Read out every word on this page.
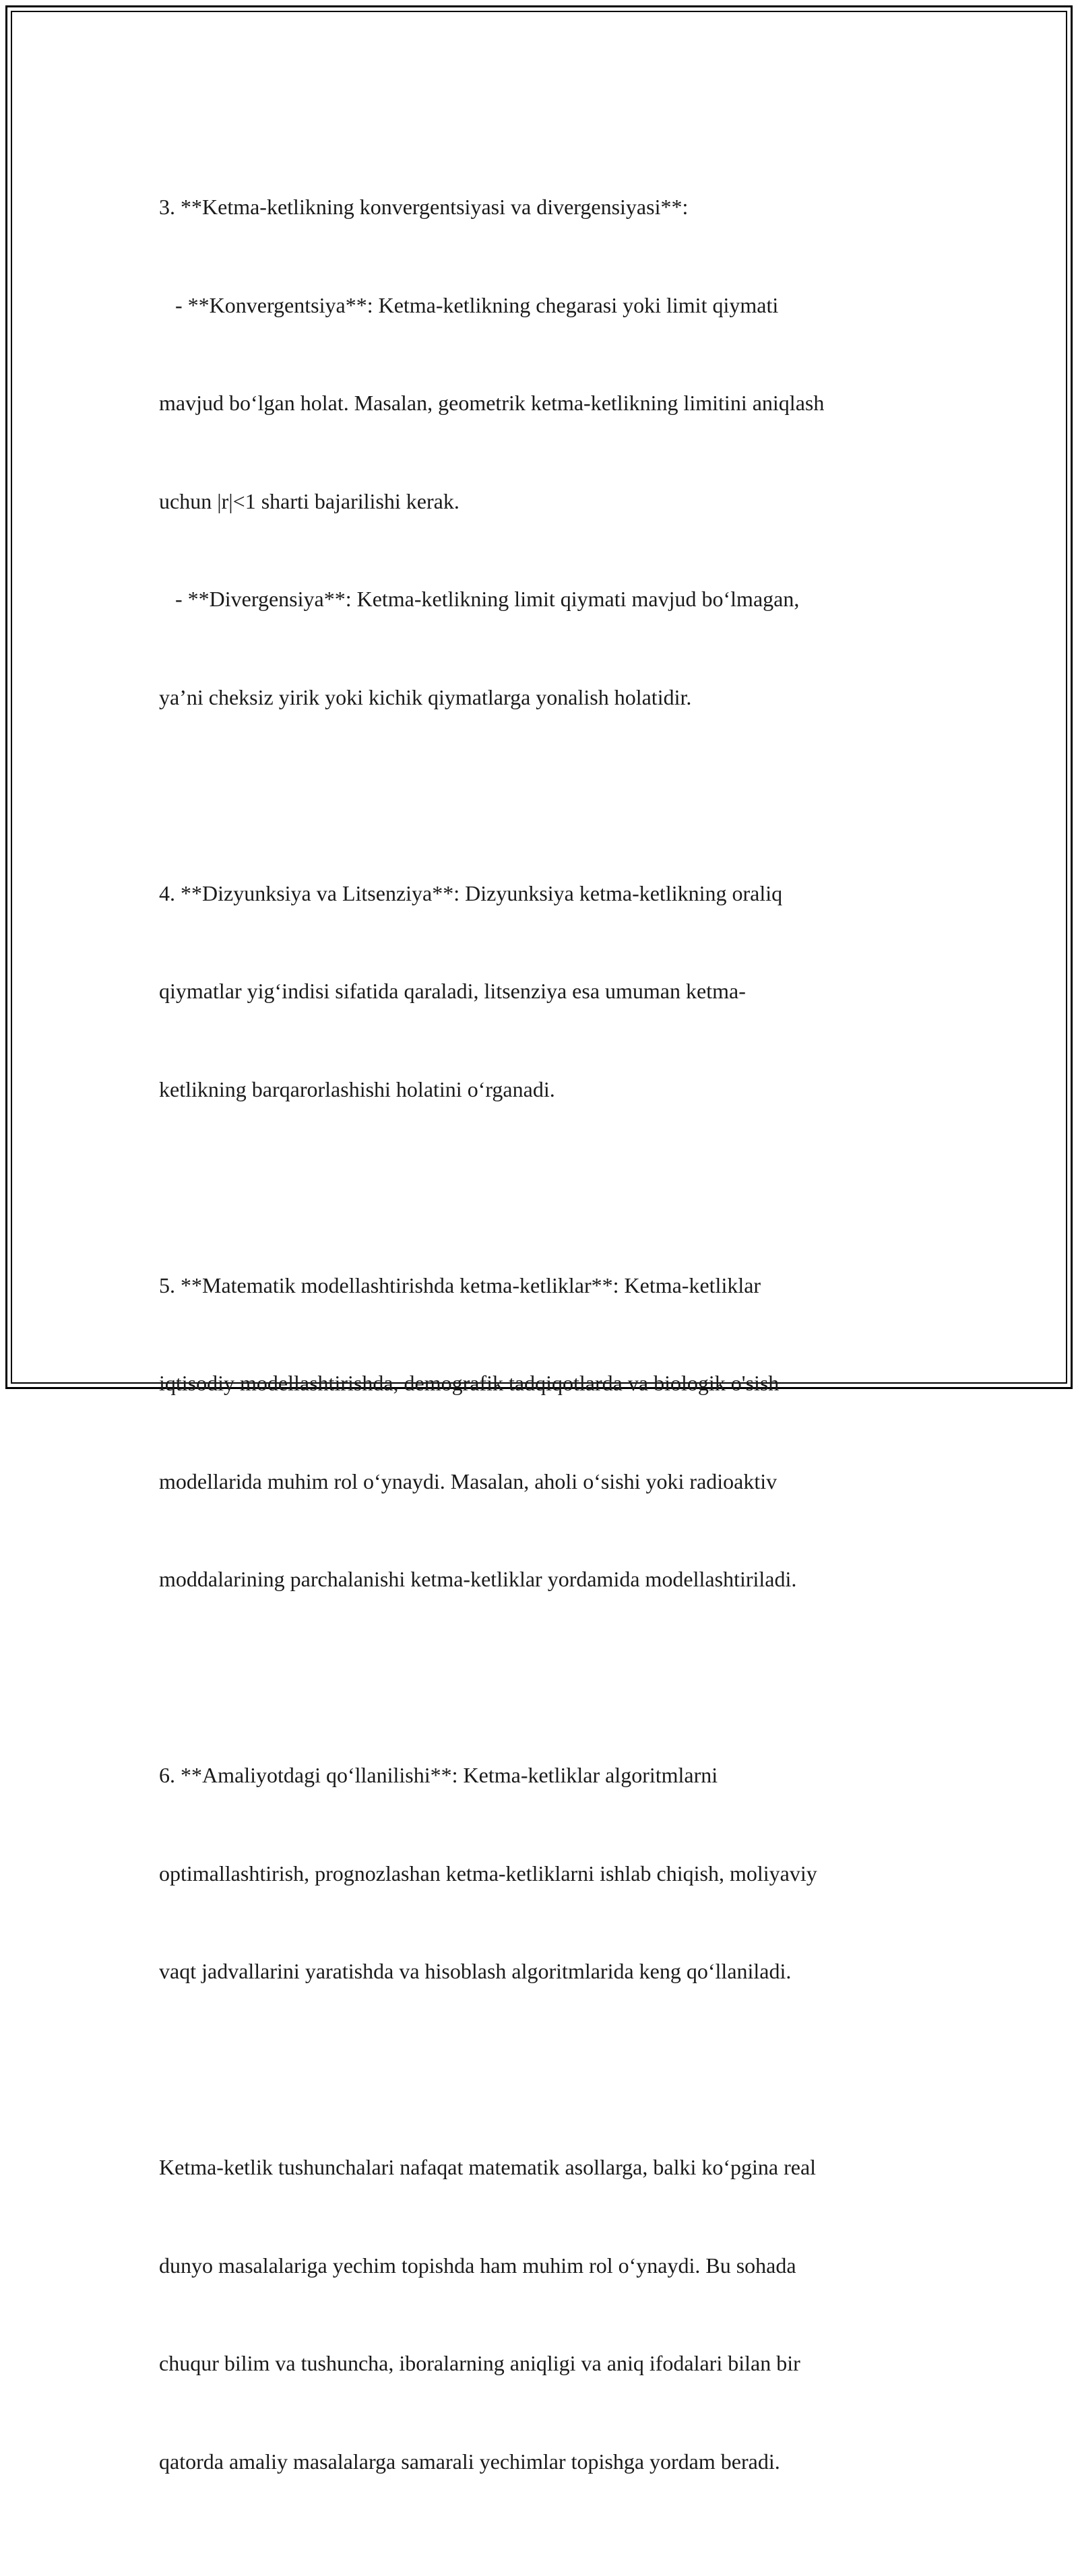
3. **Ketma-ketlikning konvergentsiyasi va divergensiyasi**:

- **Konvergentsiya**: Ketma-ketlikning chegarasi yoki limit qiymati

mavjud bo‘lgan holat. Masalan, geometrik ketma-ketlikning limitini aniqlash

uchun |r|<1 sharti bajarilishi kerak.

- **Divergensiya**: Ketma-ketlikning limit qiymati mavjud bo‘lmagan,

ya’ni cheksiz yirik yoki kichik qiymatlarga yonalish holatidir.

4. **Dizyunksiya va Litsenziya**: Dizyunksiya ketma-ketlikning oraliq

qiymatlar yig‘indisi sifatida qaraladi, litsenziya esa umuman ketma-

ketlikning barqarorlashishi holatini o‘rganadi.

5. **Matematik modellashtirishda ketma-ketliklar**: Ketma-ketliklar

iqtisodiy modellashtirishda, demografik tadqiqotlarda va biologik o'sish

modellarida muhim rol o‘ynaydi. Masalan, aholi o‘sishi yoki radioaktiv

moddalarining parchalanishi ketma-ketliklar yordamida modellashtiriladi.

6. **Amaliyotdagi qo‘llanilishi**: Ketma-ketliklar algoritmlarni

optimallashtirish, prognozlashan ketma-ketliklarni ishlab chiqish, moliyaviy

vaqt jadvallarini yaratishda va hisoblash algoritmlarida keng qo‘llaniladi.

Ketma-ketlik tushunchalari nafaqat matematik asollarga, balki ko‘pgina real

dunyo masalalariga yechim topishda ham muhim rol o‘ynaydi. Bu sohada

chuqur bilim va tushuncha, iboralarning aniqligi va aniq ifodalari bilan bir

qatorda amaliy masalalarga samarali yechimlar topishga yordam beradi.
